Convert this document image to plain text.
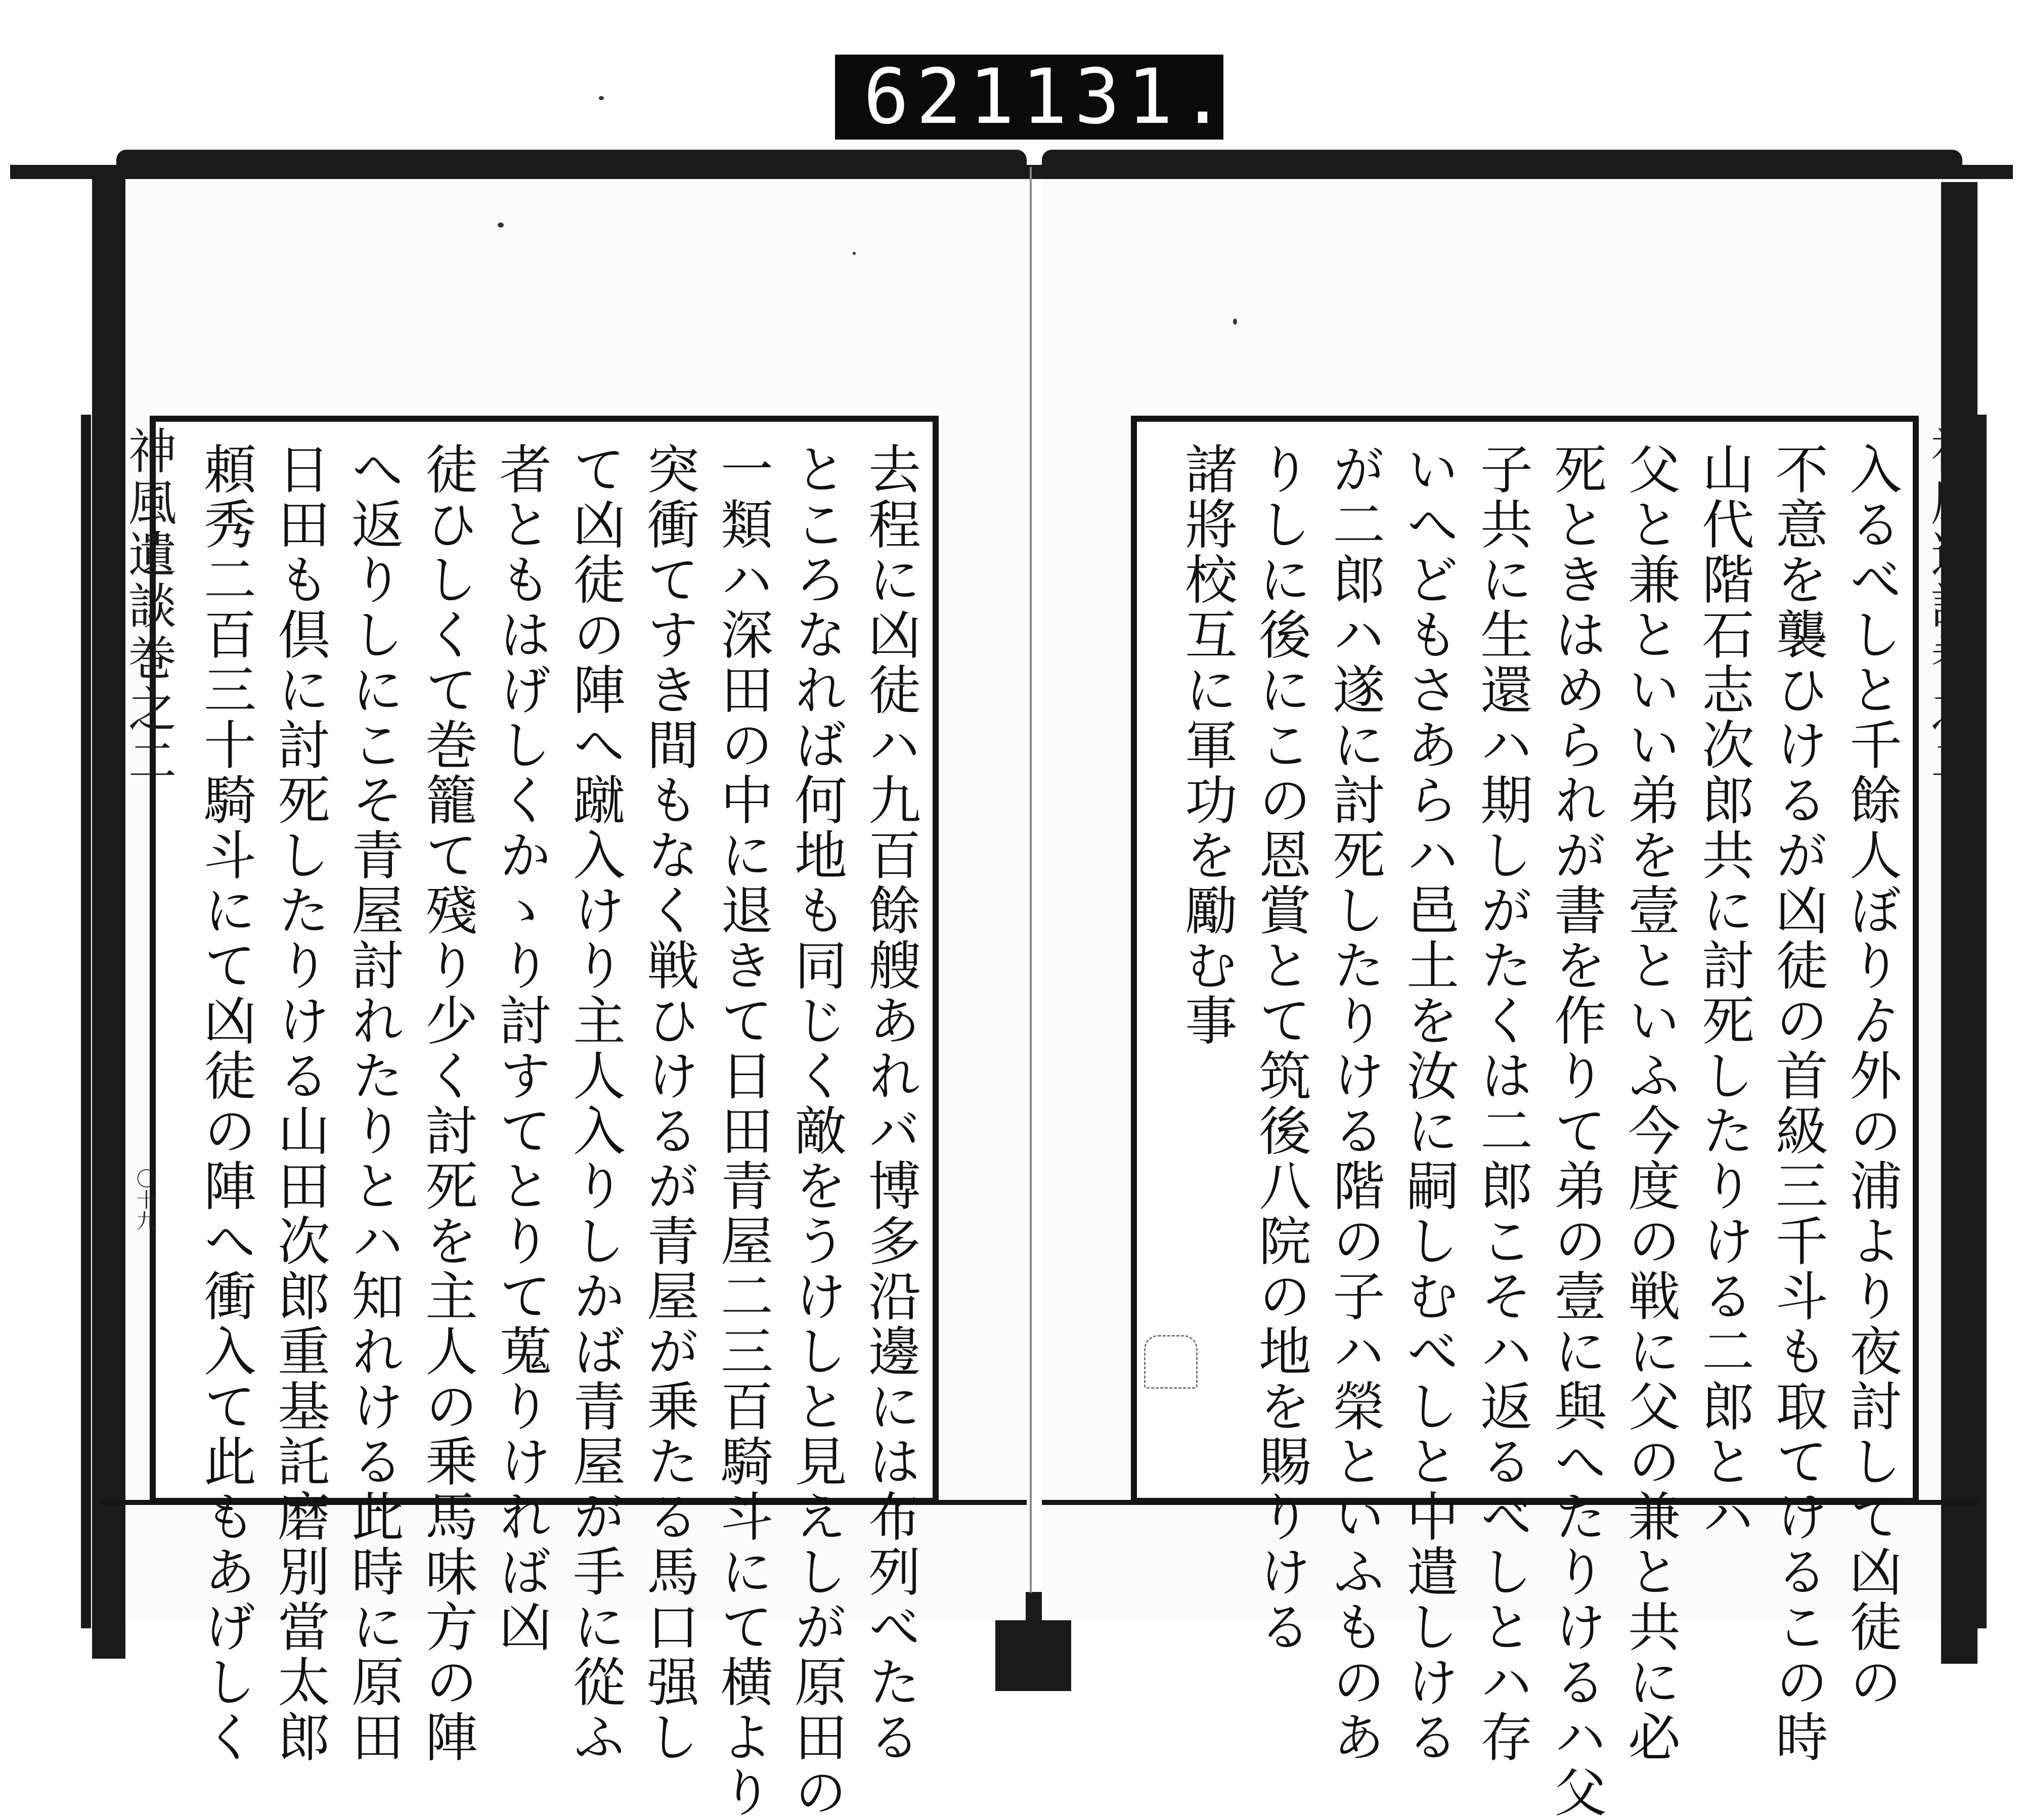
621 131.
去程に凶徒ハ九百餘艘あれバ博多沿邊には布列べたる
ところなれば何地も同じく敵をうけしと見えしが原田の
一類ハ深田の中に退きて日田青屋二三百騎斗にて横より
突衝てすき間もなく戦ひけるが青屋が乗たる馬口强し
て凶徒の陣へ蹴入けり主人入りしかば青屋が手に從ふ
者ともはげしくかゝり討すてとりて蒐りければ凶
徒ひしくて巻籠て殘り少く討死を主人の乗馬味方の陣
へ返りしにこそ青屋討れたりとハ知れける此時に原田
日田も倶に討死したりける山田次郎重基託磨別當太郎
頼秀二百三十騎斗にて凶徒の陣へ衝入て此もあげしく
神風遺談巻之二
〇十九	入るべしと千餘人ぼりゟ外の浦より夜討して凶徒の
不意を襲ひけるが凶徒の首級三千斗も取てけるこの時
山代階石志次郎共に討死したりける二郎とハ
父と兼といい弟を壹といふ今度の戦に父の兼と共に必
死ときはめられが書を作りて弟の壹に與へたりけるハ父
子共に生還ハ期しがたくは二郎こそハ返るべしとハ存
いへどもさあらハ邑土を汝に嗣しむべしと中遣しける
が二郎ハ遂に討死したりける階の子ハ榮といふものあ
りしに後にこの恩賞とて筑後八院の地を賜りける
諸將校互に軍功を勵む事	神風遺談巻之二
